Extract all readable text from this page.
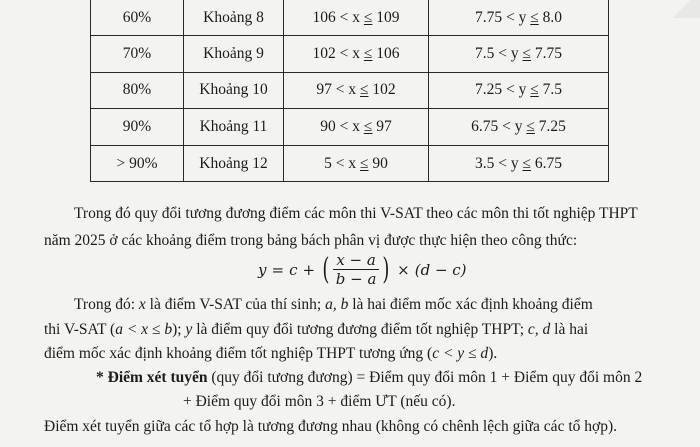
60%	Khoảng 8	106 < x ≤ 109	7.75 < y ≤ 8.0
70%	Khoảng 9	102 < x ≤ 106	7.5 < y ≤ 7.75
80%	Khoảng 10	97 < x ≤ 102	7.25 < y ≤ 7.5
90%	Khoảng 11	90 < x ≤ 97	6.75 < y ≤ 7.25
> 90%	Khoảng 12	5 < x ≤ 90	3.5 < y ≤ 6.75
Trong đó quy đổi tương đương điểm các môn thi V-SAT theo các môn thi tốt nghiệp THPT
năm 2025 ở các khoảng điểm trong bảng bách phân vị được thực hiện theo công thức:
y = c + ( $\frac{x - a}{b - a}$ ) × (d − c)
Trong đó: x là điểm V-SAT của thí sinh; a, b là hai điểm mốc xác định khoảng điểm
thi V-SAT (a < x ≤ b); y là điểm quy đổi tương đương điểm tốt nghiệp THPT; c, d là hai
điểm mốc xác định khoảng điểm tốt nghiệp THPT tương ứng (c < y ≤ d).
* Điểm xét tuyển (quy đổi tương đương) = Điểm quy đổi môn 1 + Điểm quy đổi môn 2
+ Điểm quy đổi môn 3 + điểm ƯT (nếu có).
Điểm xét tuyển giữa các tổ hợp là tương đương nhau (không có chênh lệch giữa các tổ hợp).
